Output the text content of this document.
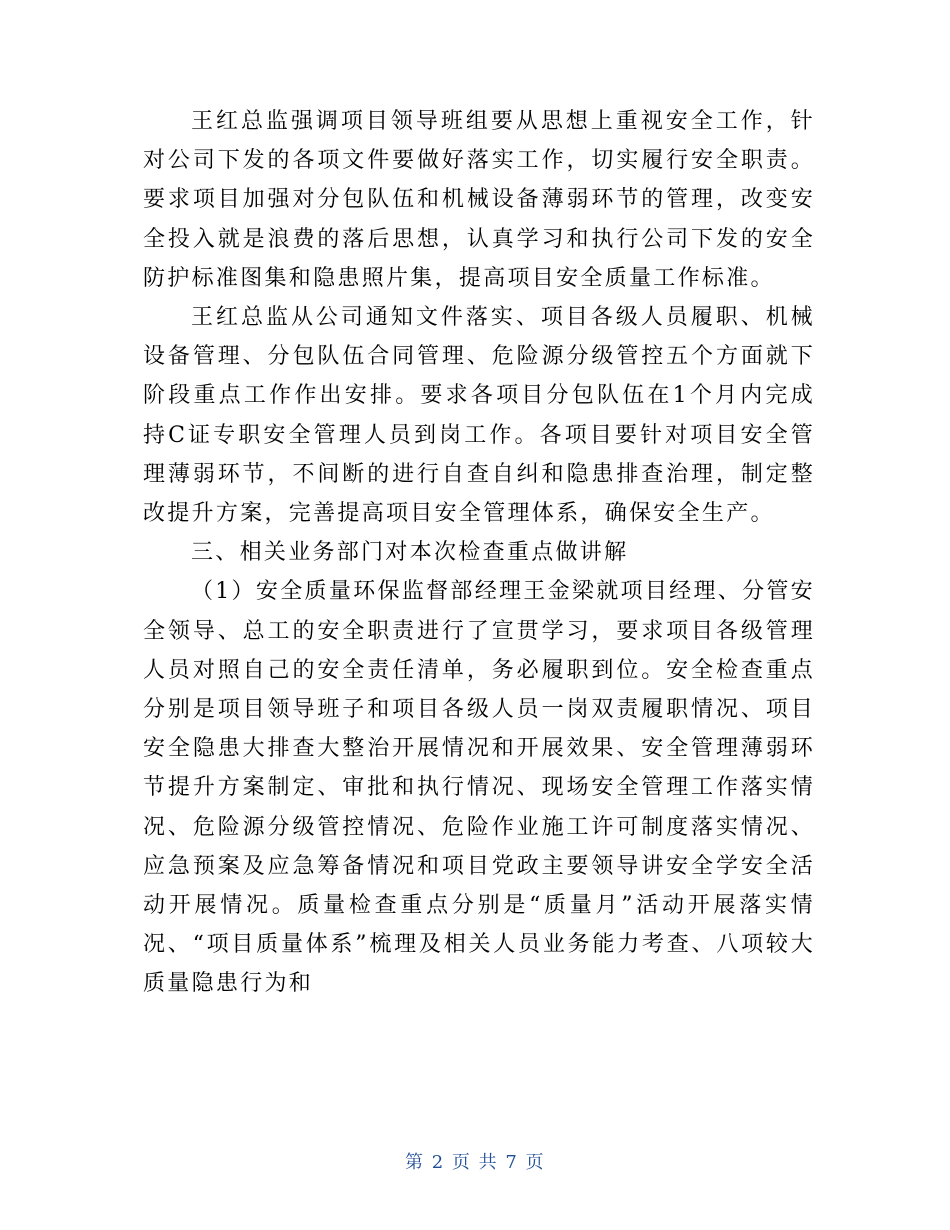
王红总监强调项目领导班组要从思想上重视安全工作，针对公司下发的各项文件要做好落实工作，切实履行安全职责。要求项目加强对分包队伍和机械设备薄弱环节的管理，改变安全投入就是浪费的落后思想，认真学习和执行公司下发的安全防护标准图集和隐患照片集，提高项目安全质量工作标准。

王红总监从公司通知文件落实、项目各级人员履职、机械设备管理、分包队伍合同管理、危险源分级管控五个方面就下阶段重点工作作出安排。要求各项目分包队伍在1个月内完成持C证专职安全管理人员到岗工作。各项目要针对项目安全管理薄弱环节，不间断的进行自查自纠和隐患排查治理，制定整改提升方案，完善提高项目安全管理体系，确保安全生产。

三、相关业务部门对本次检查重点做讲解

（1）安全质量环保监督部经理王金梁就项目经理、分管安全领导、总工的安全职责进行了宣贯学习，要求项目各级管理人员对照自己的安全责任清单，务必履职到位。安全检查重点分别是项目领导班子和项目各级人员一岗双责履职情况、项目安全隐患大排查大整治开展情况和开展效果、安全管理薄弱环节提升方案制定、审批和执行情况、现场安全管理工作落实情况、危险源分级管控情况、危险作业施工许可制度落实情况、应急预案及应急筹备情况和项目党政主要领导讲安全学安全活动开展情况。质量检查重点分别是“质量月”活动开展落实情况、“项目质量体系”梳理及相关人员业务能力考查、八项较大质量隐患行为和

第 2 页 共 7 页
